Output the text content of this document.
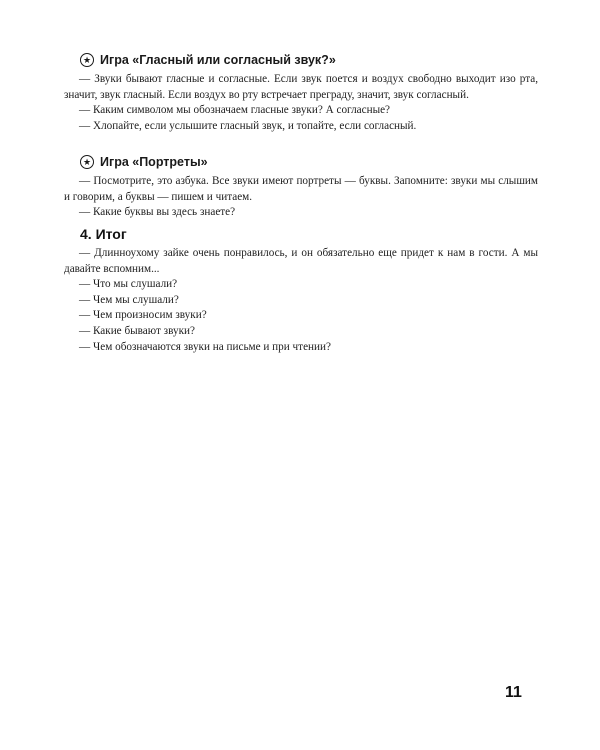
★ Игра «Гласный или согласный звук?»

— Звуки бывают гласные и согласные. Если звук поется и воздух свободно выходит изо рта, значит, звук гласный. Если воздух во рту встречает преграду, значит, звук согласный.

— Каким символом мы обозначаем гласные звуки? А согласные?

— Хлопайте, если услышите гласный звук, и топайте, если согласный.

★ Игра «Портреты»

— Посмотрите, это азбука. Все звуки имеют портреты — буквы. Запомните: звуки мы слышим и говорим, а буквы — пишем и читаем.

— Какие буквы вы здесь знаете?

4. Итог

— Длинноухому зайке очень понравилось, и он обязательно еще придет к нам в гости. А мы давайте вспомним...

— Что мы слушали?

— Чем мы слушали?

— Чем произносим звуки?

— Какие бывают звуки?

— Чем обозначаются звуки на письме и при чтении?

11
